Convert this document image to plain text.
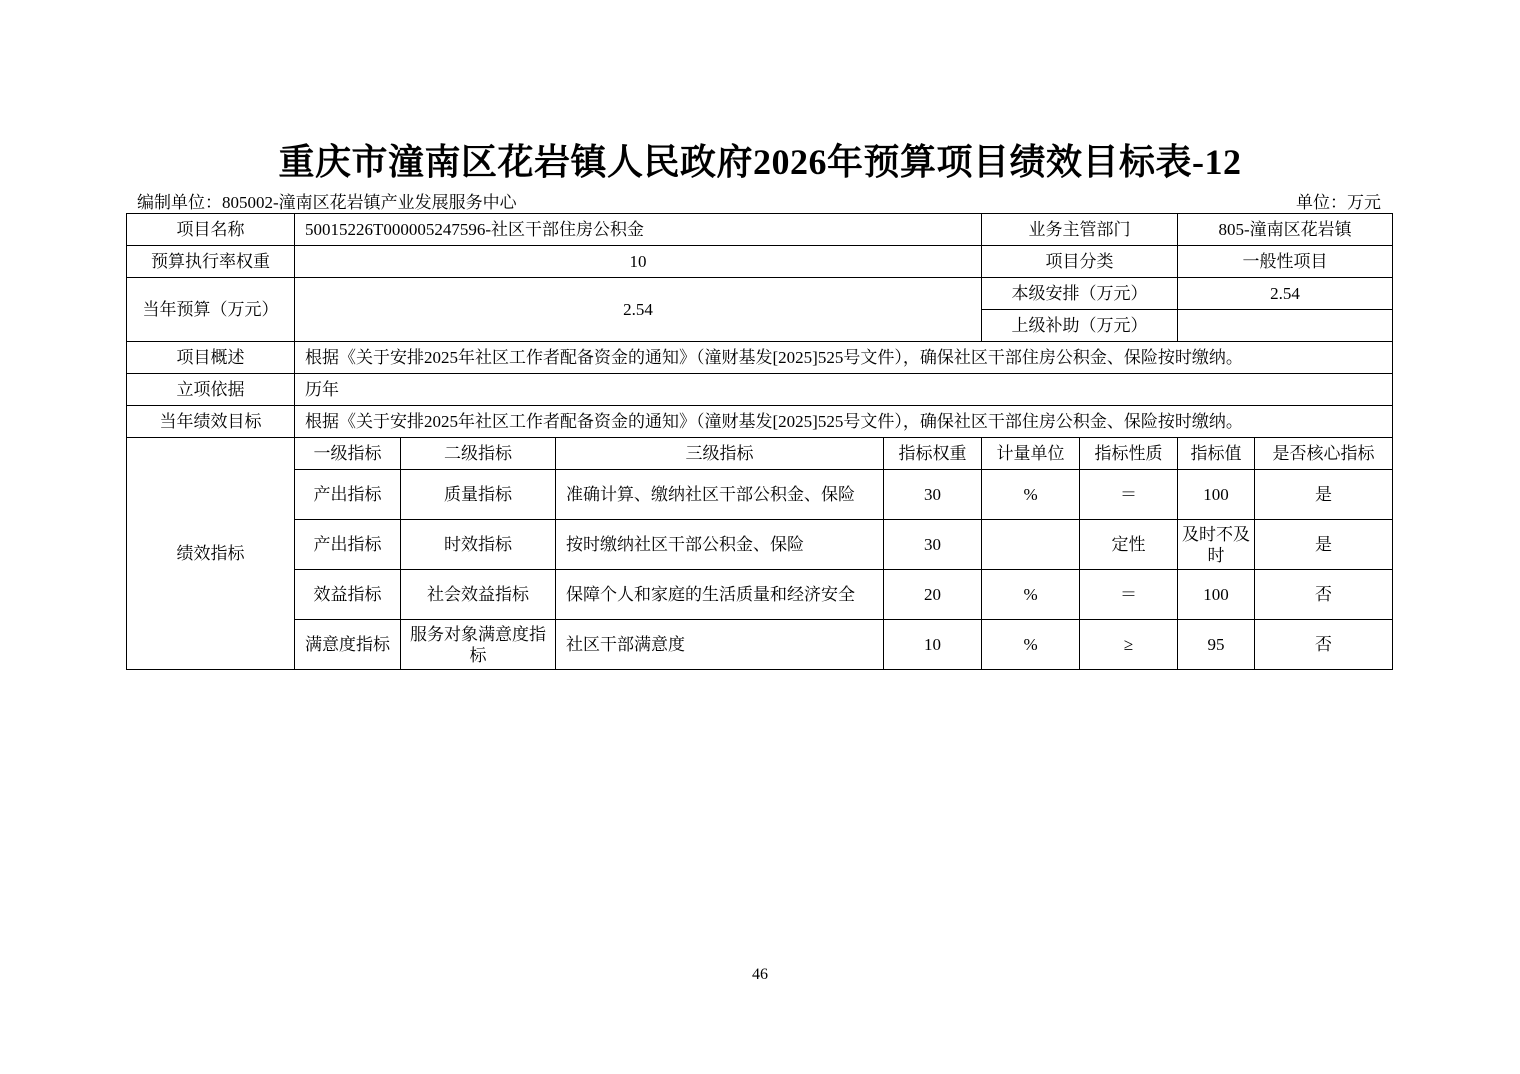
重庆市潼南区花岩镇人民政府2026年预算项目绩效目标表-12
编制单位：805002-潼南区花岩镇产业发展服务中心	单位：万元
项目名称	50015226T000005247596-社区干部住房公积金				业务主管部门		805-潼南区花岩镇	
预算执行率权重	10				项目分类		一般性项目	
当年预算（万元）	2.54				本级安排（万元）		2.54	
					上级补助（万元）			
项目概述	根据《关于安排2025年社区工作者配备资金的通知》（潼财基发[2025]525号文件），确保社区干部住房公积金、保险按时缴纳。							
立项依据	历年							
当年绩效目标	根据《关于安排2025年社区工作者配备资金的通知》（潼财基发[2025]525号文件），确保社区干部住房公积金、保险按时缴纳。							
绩效指标	一级指标	二级指标	三级指标	指标权重	计量单位	指标性质	指标值	是否核心指标
	产出指标	质量指标	准确计算、缴纳社区干部公积金、保险	30	%	＝	100	是
	产出指标	时效指标	按时缴纳社区干部公积金、保险	30		定性	及时不及时	是
	效益指标	社会效益指标	保障个人和家庭的生活质量和经济安全	20	%	＝	100	否
	满意度指标	服务对象满意度指标	社区干部满意度	10	%	≥	95	否
46
